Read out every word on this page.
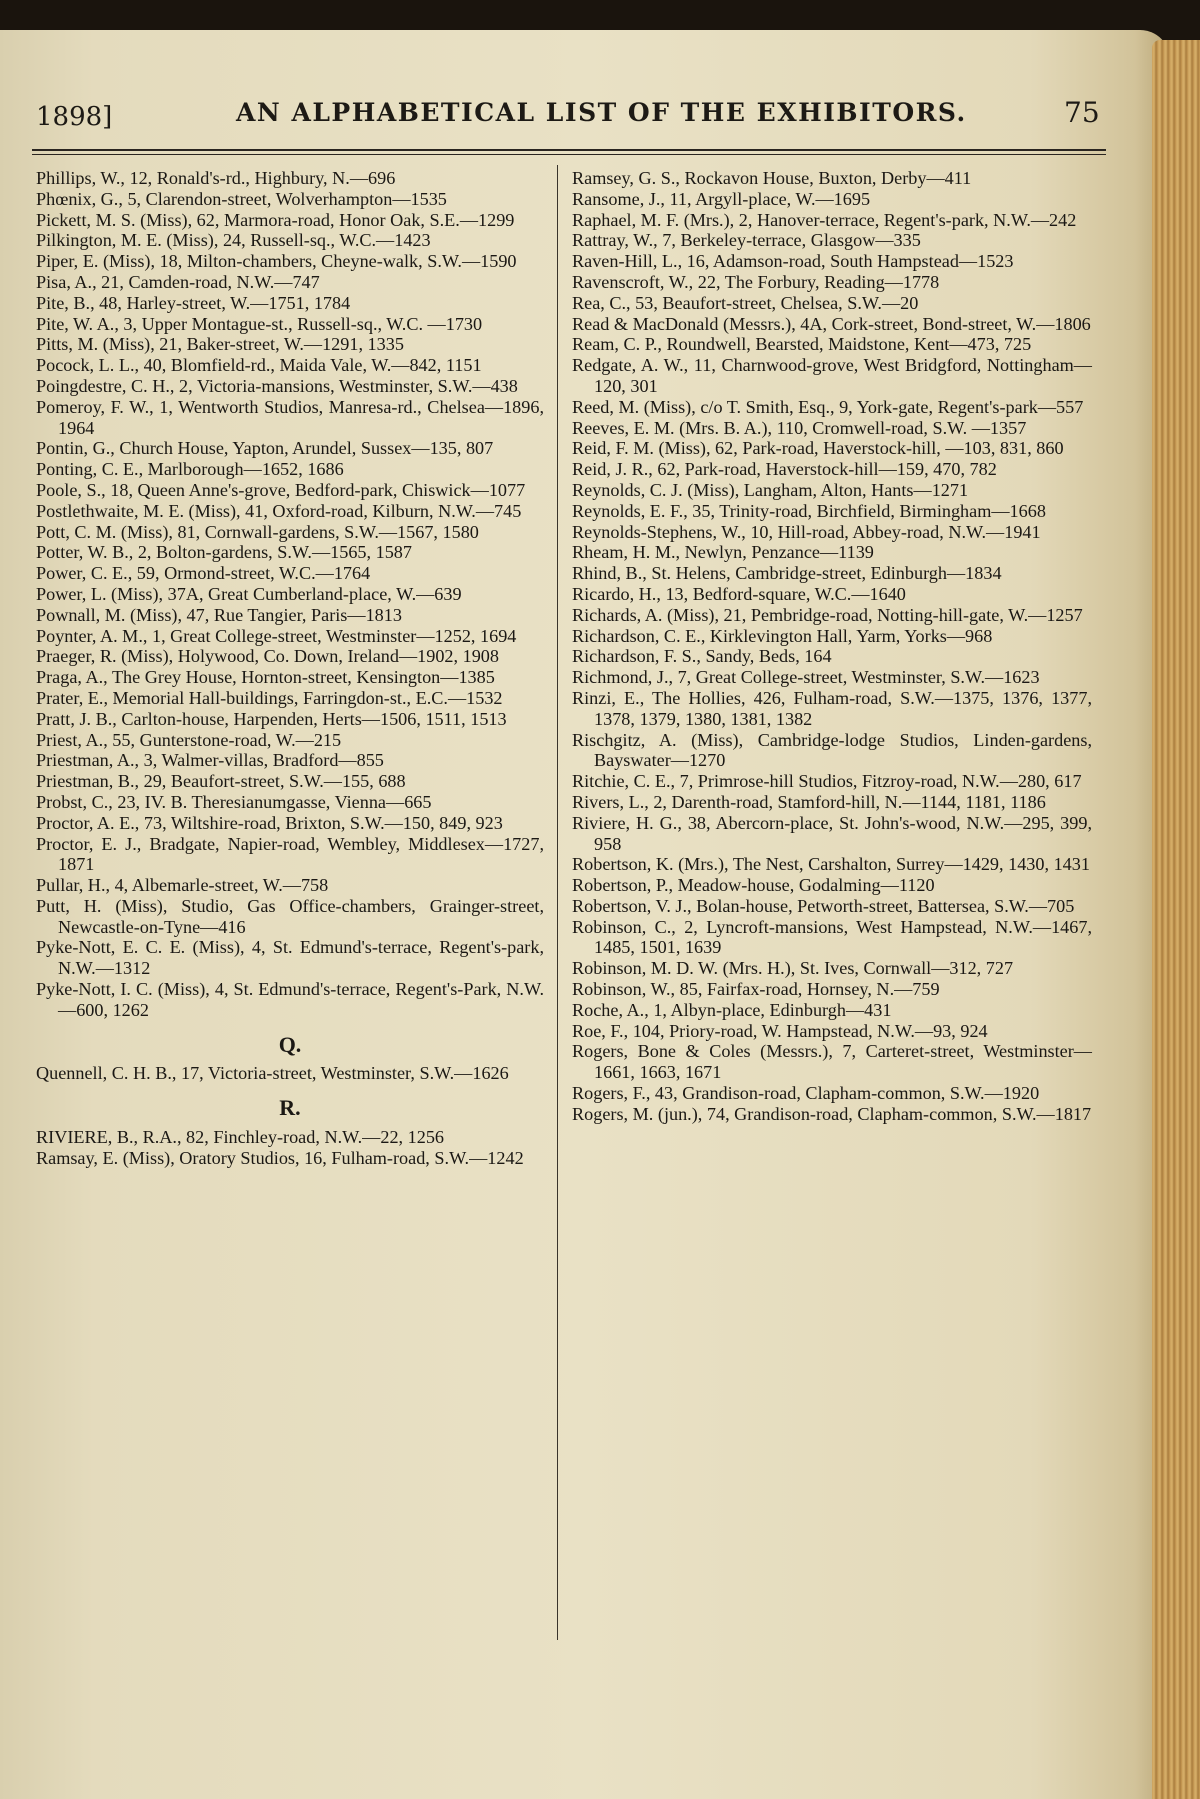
1898]	AN ALPHABETICAL LIST OF THE EXHIBITORS.	75

Phillips, W., 12, Ronald's-rd., Highbury, N.—696

Phœnix, G., 5, Clarendon-street, Wolverhampton—1535

Pickett, M. S. (Miss), 62, Marmora-road, Honor Oak, S.E.—1299

Pilkington, M. E. (Miss), 24, Russell-sq., W.C.—1423

Piper, E. (Miss), 18, Milton-chambers, Cheyne-walk, S.W.—1590

Pisa, A., 21, Camden-road, N.W.—747

Pite, B., 48, Harley-street, W.—1751, 1784

Pite, W. A., 3, Upper Montague-st., Russell-sq., W.C. —1730

Pitts, M. (Miss), 21, Baker-street, W.—1291, 1335

Pocock, L. L., 40, Blomfield-rd., Maida Vale, W.—842, 1151

Poingdestre, C. H., 2, Victoria-mansions, Westminster, S.W.—438

Pomeroy, F. W., 1, Wentworth Studios, Manresa-rd., Chelsea—1896, 1964

Pontin, G., Church House, Yapton, Arundel, Sussex—135, 807

Ponting, C. E., Marlborough—1652, 1686

Poole, S., 18, Queen Anne's-grove, Bedford-park, Chiswick—1077

Postlethwaite, M. E. (Miss), 41, Oxford-road, Kilburn, N.W.—745

Pott, C. M. (Miss), 81, Cornwall-gardens, S.W.—1567, 1580

Potter, W. B., 2, Bolton-gardens, S.W.—1565, 1587

Power, C. E., 59, Ormond-street, W.C.—1764

Power, L. (Miss), 37A, Great Cumberland-place, W.—639

Pownall, M. (Miss), 47, Rue Tangier, Paris—1813

Poynter, A. M., 1, Great College-street, Westminster—1252, 1694

Praeger, R. (Miss), Holywood, Co. Down, Ireland—1902, 1908

Praga, A., The Grey House, Hornton-street, Kensington—1385

Prater, E., Memorial Hall-buildings, Farringdon-st., E.C.—1532

Pratt, J. B., Carlton-house, Harpenden, Herts—1506, 1511, 1513

Priest, A., 55, Gunterstone-road, W.—215

Priestman, A., 3, Walmer-villas, Bradford—855

Priestman, B., 29, Beaufort-street, S.W.—155, 688

Probst, C., 23, IV. B. Theresianumgasse, Vienna—665

Proctor, A. E., 73, Wiltshire-road, Brixton, S.W.—150, 849, 923

Proctor, E. J., Bradgate, Napier-road, Wembley, Middlesex—1727, 1871

Pullar, H., 4, Albemarle-street, W.—758

Putt, H. (Miss), Studio, Gas Office-chambers, Grainger-street, Newcastle-on-Tyne—416

Pyke-Nott, E. C. E. (Miss), 4, St. Edmund's-terrace, Regent's-park, N.W.—1312

Pyke-Nott, I. C. (Miss), 4, St. Edmund's-terrace, Regent's-Park, N.W.—600, 1262

Q.

Quennell, C. H. B., 17, Victoria-street, Westminster, S.W.—1626

R.

RIVIERE, B., R.A., 82, Finchley-road, N.W.—22, 1256

Ramsay, E. (Miss), Oratory Studios, 16, Fulham-road, S.W.—1242

Ramsey, G. S., Rockavon House, Buxton, Derby—411

Ransome, J., 11, Argyll-place, W.—1695

Raphael, M. F. (Mrs.), 2, Hanover-terrace, Regent's-park, N.W.—242

Rattray, W., 7, Berkeley-terrace, Glasgow—335

Raven-Hill, L., 16, Adamson-road, South Hampstead—1523

Ravenscroft, W., 22, The Forbury, Reading—1778

Rea, C., 53, Beaufort-street, Chelsea, S.W.—20

Read & MacDonald (Messrs.), 4A, Cork-street, Bond-street, W.—1806

Ream, C. P., Roundwell, Bearsted, Maidstone, Kent—473, 725

Redgate, A. W., 11, Charnwood-grove, West Bridgford, Nottingham—120, 301

Reed, M. (Miss), c/o T. Smith, Esq., 9, York-gate, Regent's-park—557

Reeves, E. M. (Mrs. B. A.), 110, Cromwell-road, S.W. —1357

Reid, F. M. (Miss), 62, Park-road, Haverstock-hill, —103, 831, 860

Reid, J. R., 62, Park-road, Haverstock-hill—159, 470, 782

Reynolds, C. J. (Miss), Langham, Alton, Hants—1271

Reynolds, E. F., 35, Trinity-road, Birchfield, Birmingham—1668

Reynolds-Stephens, W., 10, Hill-road, Abbey-road, N.W.—1941

Rheam, H. M., Newlyn, Penzance—1139

Rhind, B., St. Helens, Cambridge-street, Edinburgh—1834

Ricardo, H., 13, Bedford-square, W.C.—1640

Richards, A. (Miss), 21, Pembridge-road, Notting-hill-gate, W.—1257

Richardson, C. E., Kirklevington Hall, Yarm, Yorks—968

Richardson, F. S., Sandy, Beds, 164

Richmond, J., 7, Great College-street, Westminster, S.W.—1623

Rinzi, E., The Hollies, 426, Fulham-road, S.W.—1375, 1376, 1377, 1378, 1379, 1380, 1381, 1382

Rischgitz, A. (Miss), Cambridge-lodge Studios, Linden-gardens, Bayswater—1270

Ritchie, C. E., 7, Primrose-hill Studios, Fitzroy-road, N.W.—280, 617

Rivers, L., 2, Darenth-road, Stamford-hill, N.—1144, 1181, 1186

Riviere, H. G., 38, Abercorn-place, St. John's-wood, N.W.—295, 399, 958

Robertson, K. (Mrs.), The Nest, Carshalton, Surrey—1429, 1430, 1431

Robertson, P., Meadow-house, Godalming—1120

Robertson, V. J., Bolan-house, Petworth-street, Battersea, S.W.—705

Robinson, C., 2, Lyncroft-mansions, West Hampstead, N.W.—1467, 1485, 1501, 1639

Robinson, M. D. W. (Mrs. H.), St. Ives, Cornwall—312, 727

Robinson, W., 85, Fairfax-road, Hornsey, N.—759

Roche, A., 1, Albyn-place, Edinburgh—431

Roe, F., 104, Priory-road, W. Hampstead, N.W.—93, 924

Rogers, Bone & Coles (Messrs.), 7, Carteret-street, Westminster—1661, 1663, 1671

Rogers, F., 43, Grandison-road, Clapham-common, S.W.—1920

Rogers, M. (jun.), 74, Grandison-road, Clapham-common, S.W.—1817
